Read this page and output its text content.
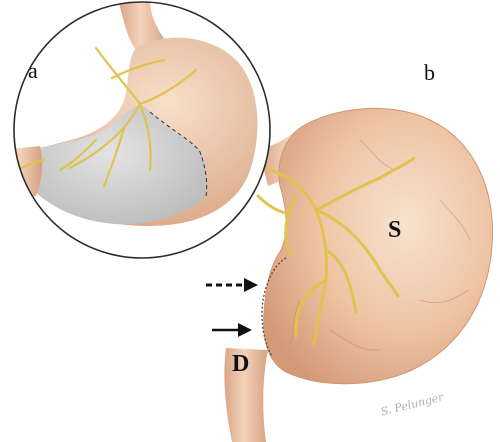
a	b
S
D
S. Pelunger
